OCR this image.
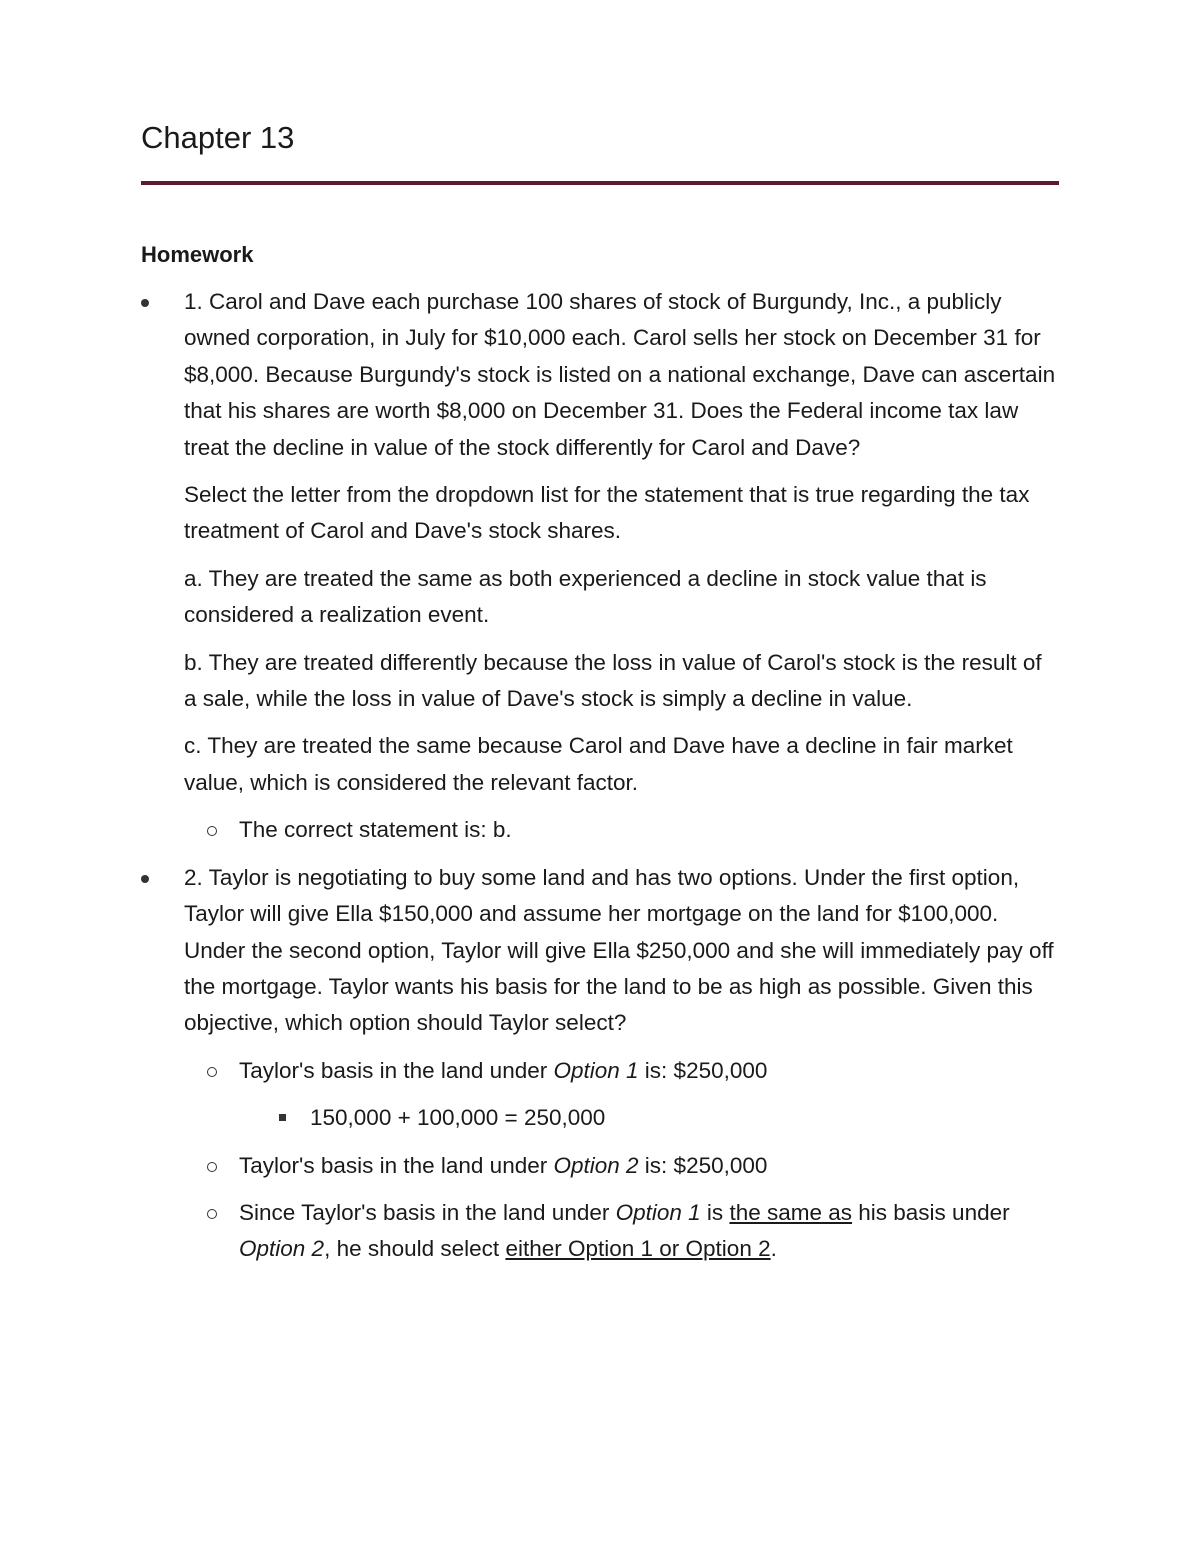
Chapter 13
Homework

1. Carol and Dave each purchase 100 shares of stock of Burgundy, Inc., a publicly owned corporation, in July for $10,000 each. Carol sells her stock on December 31 for $8,000. Because Burgundy's stock is listed on a national exchange, Dave can ascertain that his shares are worth $8,000 on December 31. Does the Federal income tax law treat the decline in value of the stock differently for Carol and Dave?

Select the letter from the dropdown list for the statement that is true regarding the tax treatment of Carol and Dave's stock shares.

a. They are treated the same as both experienced a decline in stock value that is considered a realization event.

b. They are treated differently because the loss in value of Carol's stock is the result of a sale, while the loss in value of Dave's stock is simply a decline in value.

c. They are treated the same because Carol and Dave have a decline in fair market value, which is considered the relevant factor.

The correct statement is: b.

2. Taylor is negotiating to buy some land and has two options. Under the first option, Taylor will give Ella $150,000 and assume her mortgage on the land for $100,000. Under the second option, Taylor will give Ella $250,000 and she will immediately pay off the mortgage. Taylor wants his basis for the land to be as high as possible. Given this objective, which option should Taylor select?

Taylor's basis in the land under Option 1 is: $250,000
150,000 + 100,000 = 250,000
Taylor's basis in the land under Option 2 is: $250,000
Since Taylor's basis in the land under Option 1 is the same as his basis under Option 2, he should select either Option 1 or Option 2.
